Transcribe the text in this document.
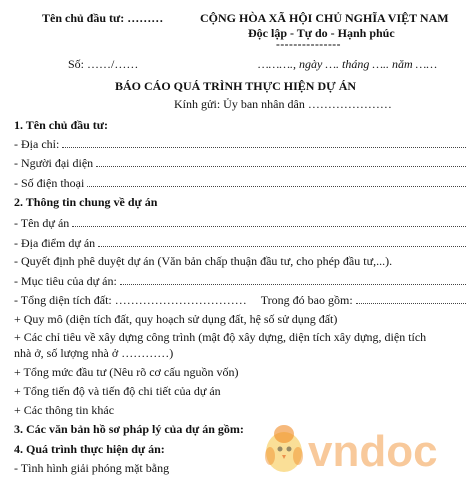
Tên chủ đầu tư: ………	CỘNG HÒA XÃ HỘI CHỦ NGHĨA VIỆT NAM
Độc lập - Tự do - Hạnh phúc
---------------
Số: ……/……	………., ngày …. tháng ….. năm ……
BÁO CÁO QUÁ TRÌNH THỰC HIỆN DỰ ÁN
Kính gửi: Ủy ban nhân dân …………………
1. Tên chủ đầu tư:
- Địa chỉ:
- Người đại diện
- Số điện thoại
2. Thông tin chung về dự án
- Tên dự án
- Địa điểm dự án
- Quyết định phê duyệt dự án (Văn bản chấp thuận đầu tư, cho phép đầu tư,...).
- Mục tiêu của dự án:
- Tổng diện tích đất: …………………………… Trong đó bao gồm:
+ Quy mô (diện tích đất, quy hoạch sử dụng đất, hệ số sử dụng đất)
+ Các chỉ tiêu về xây dựng công trình (mật độ xây dựng, diện tích xây dựng, diện tích
nhà ở, số lượng nhà ở …………)
+ Tổng mức đầu tư (Nêu rõ cơ cấu nguồn vốn)
+ Tổng tiến độ và tiến độ chi tiết của dự án
+ Các thông tin khác
3. Các văn bản hồ sơ pháp lý của dự án gồm:
4. Quá trình thực hiện dự án:
- Tình hình giải phóng mặt bằng	vndoc
